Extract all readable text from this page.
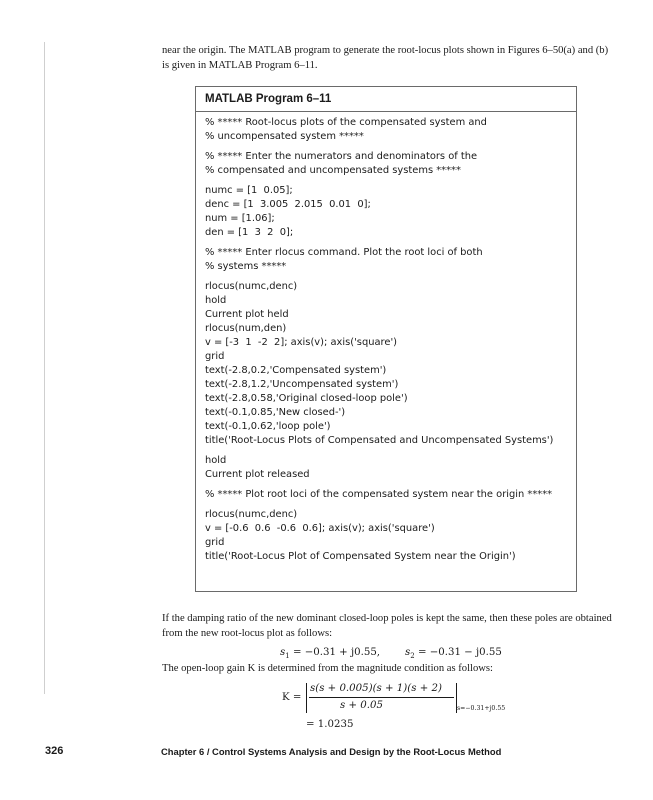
near the origin. The MATLAB program to generate the root-locus plots shown in Figures 6–50(a) and (b) is given in MATLAB Program 6–11.
MATLAB Program 6–11
% ***** Root-locus plots of the compensated system and
% uncompensated system *****
% ***** Enter the numerators and denominators of the
% compensated and uncompensated systems *****
numc = [1  0.05];
denc = [1  3.005  2.015  0.01  0];
num = [1.06];
den = [1  3  2  0];
% ***** Enter rlocus command. Plot the root loci of both
% systems *****
rlocus(numc,denc)
hold
Current plot held
rlocus(num,den)
v = [-3  1  -2  2]; axis(v); axis('square')
grid
text(-2.8,0.2,'Compensated system')
text(-2.8,1.2,'Uncompensated system')
text(-2.8,0.58,'Original closed-loop pole')
text(-0.1,0.85,'New closed-')
text(-0.1,0.62,'loop pole')
title('Root-Locus Plots of Compensated and Uncompensated Systems')
hold
Current plot released
% ***** Plot root loci of the compensated system near the origin *****
rlocus(numc,denc)
v = [-0.6  0.6  -0.6  0.6]; axis(v); axis('square')
grid
title('Root-Locus Plot of Compensated System near the Origin')
If the damping ratio of the new dominant closed-loop poles is kept the same, then these poles are obtained from the new root-locus plot as follows:
$s_1 = -0.31 + j0.55$, $s_2 = -0.31 - j0.55$
The open-loop gain K is determined from the magnitude condition as follows:
K =
s(s + 0.005)(s + 1)(s + 2)
s + 0.05	s=−0.31+j0.55
= 1.0235
326	Chapter 6 / Control Systems Analysis and Design by the Root-Locus Method
